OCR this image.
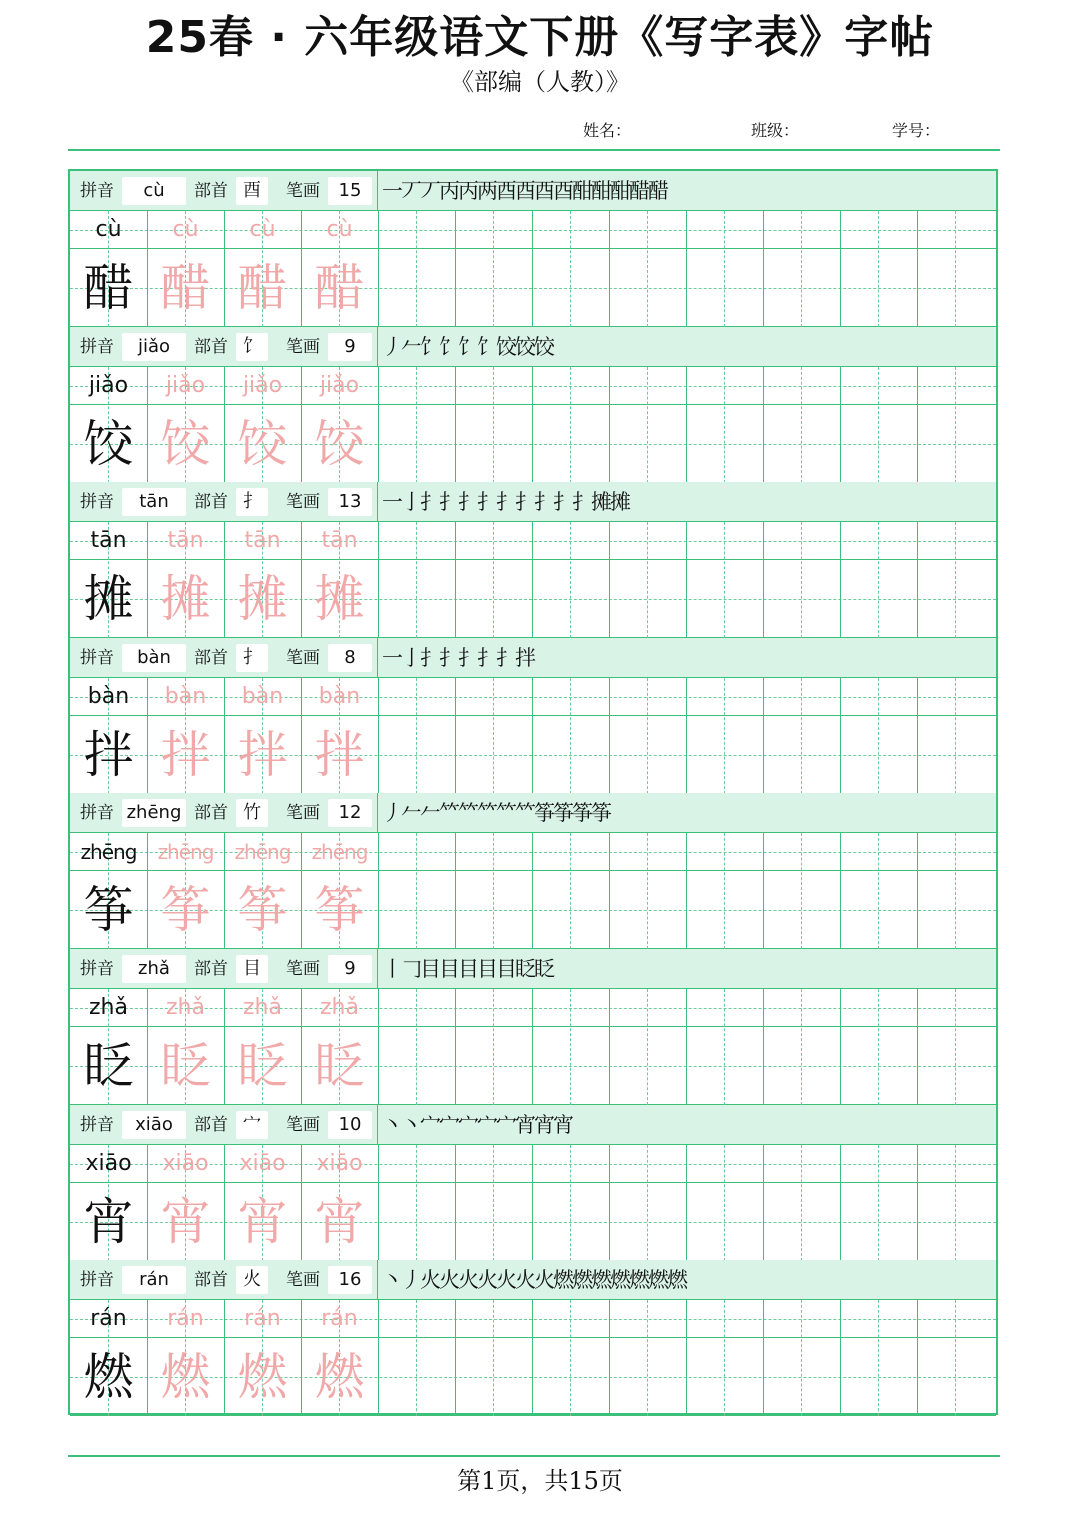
25春 · 六年级语文下册《写字表》字帖
《部编（人教）》
姓名：	班级：	学号：
拼音	cù	部首 酉	笔画	15 一丆丆丙丙两酉酉酉酉酣酣酣醋醋
cù
醋
cù
醋
cù
醋
cù
醋
拼音	jiǎo	部首 饣	笔画	9	丿𠂉饣饣饣饣饺饺饺
jiǎo
饺
jiǎo
饺
jiǎo
饺
jiǎo
饺
拼音	tān	部首 扌	笔画	13 一亅扌扌扌扌扌扌扌扌扌摊摊
tān
摊
tān
摊
tān
摊
tān
摊
拼音	bàn	部首 扌	笔画	8	一亅扌扌扌扌扌拌
bàn
拌
bàn
拌
bàn
拌
bàn
拌
拼音 zhēng 部首 竹	笔画	12 丿𠂉𠂉𥫗𥫗𥫗𥫗𥫗筝筝筝筝
zhēng
筝
zhēng
筝
zhēng
筝
zhēng
筝
拼音	zhǎ	部首 目	笔画	9	丨𠃌目目目目目眨眨
zhǎ
眨
zhǎ
眨
zhǎ
眨
zhǎ
眨
拼音	xiāo	部首 宀	笔画	10 丶丶宀宀宀宀宀宵宵宵
xiāo
宵
xiāo
宵
xiāo
宵
xiāo
宵
拼音	rán	部首 火	笔画	16 丶丿火火火火火火火燃燃燃燃燃燃燃
rán
燃
rán
燃
rán
燃
rán
燃
第1页，共15页
